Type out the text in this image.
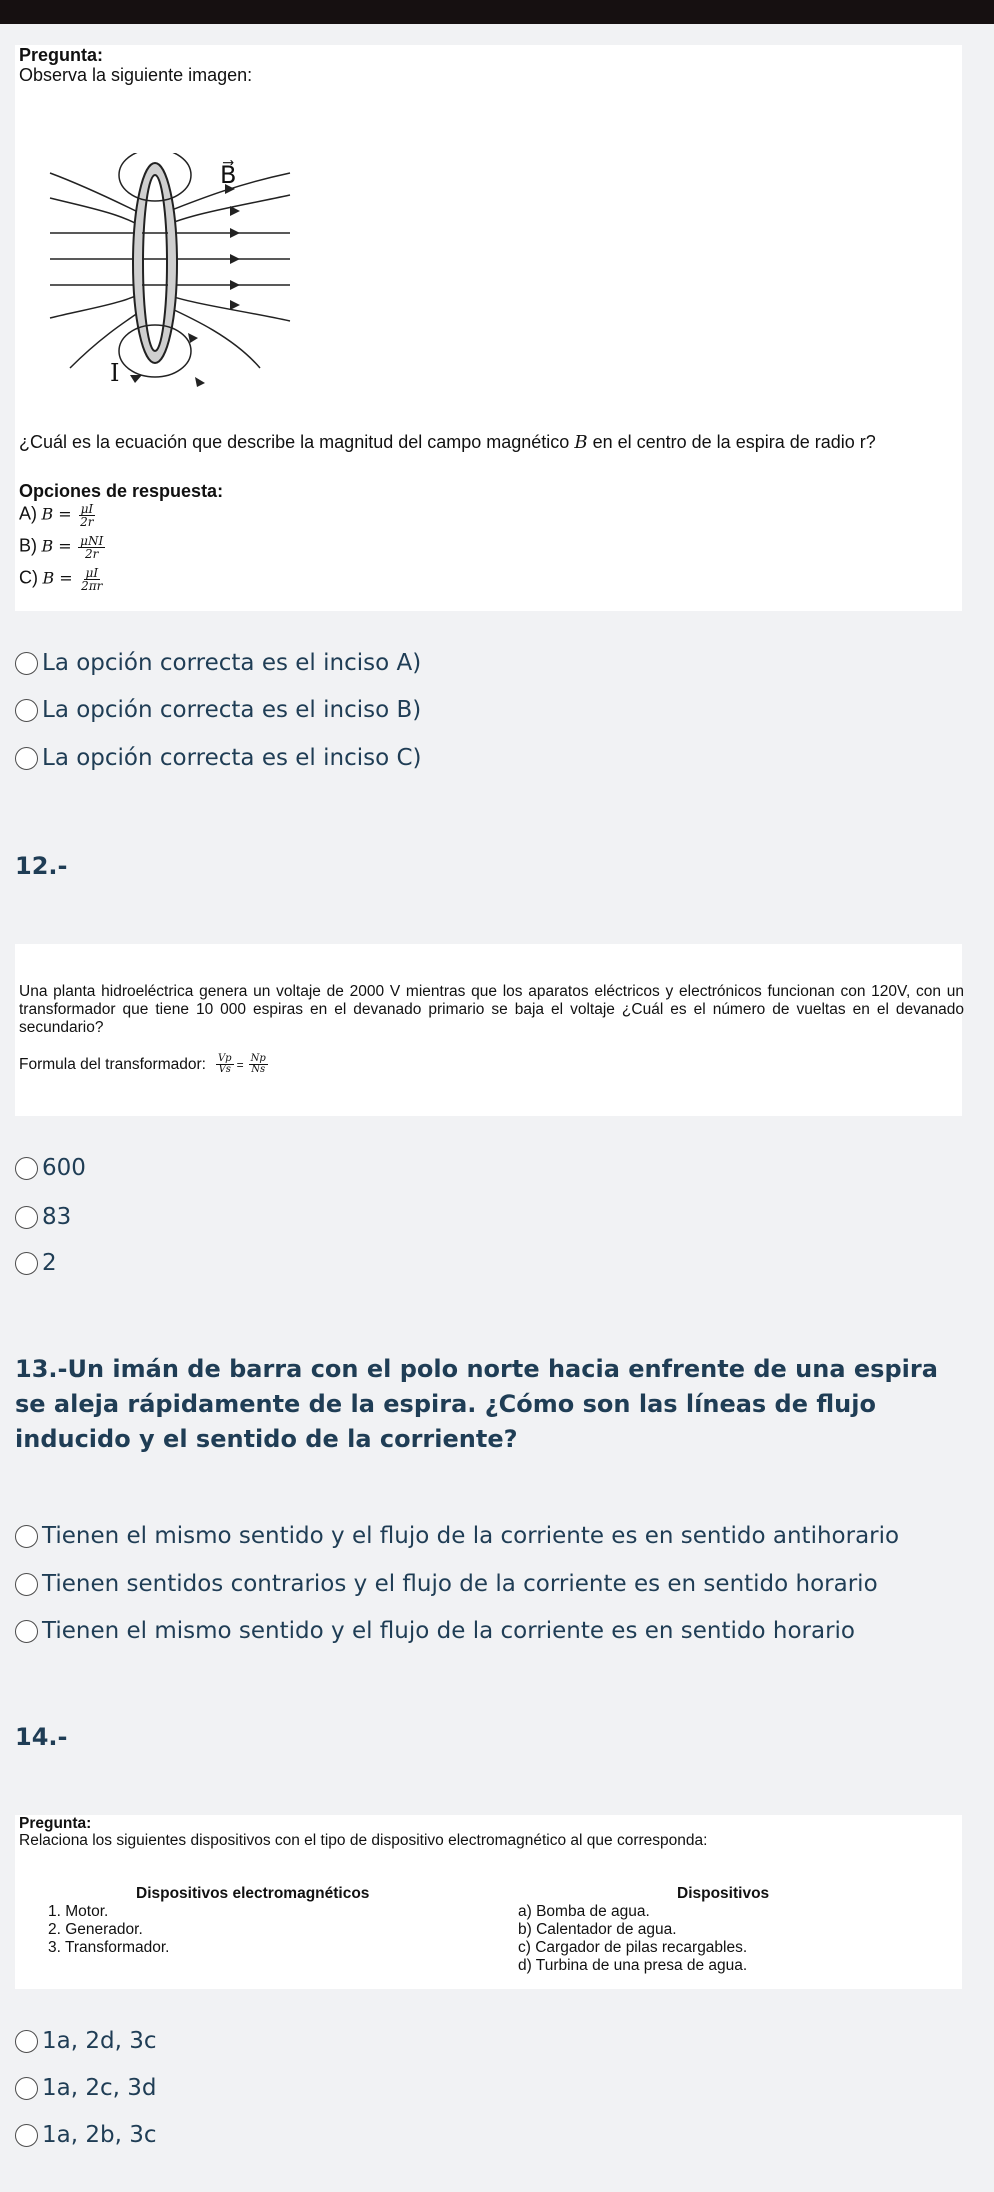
Pregunta:
Observa la siguiente imagen:
B⃗
I
¿Cuál es la ecuación que describe la magnitud del campo magnético B en el centro de la espira de radio r?
Opciones de respuesta:
A) $B = \frac{\mu I}{2r}$
B) $B = \frac{\text{μNI}}{2r}$
C) $B = \frac{\mu I}{2\pi r}$
La opción correcta es el inciso A)
La opción correcta es el inciso B)
La opción correcta es el inciso C)
12.-
Una planta hidroeléctrica genera un voltaje de 2000 V mientras que los aparatos eléctricos y electrónicos funcionan con 120V, con un transformador que tiene 10 000 espiras en el devanado primario se baja el voltaje ¿Cuál es el número de vueltas en el devanado secundario?
Formula del transformador: $\frac{Vp}{Vs} = \frac{Np}{Ns}$
600
83
2
13.-Un imán de barra con el polo norte hacia enfrente de una espira se aleja rápidamente de la espira. ¿Cómo son las líneas de flujo inducido y el sentido de la corriente?
Tienen el mismo sentido y el flujo de la corriente es en sentido antihorario
Tienen sentidos contrarios y el flujo de la corriente es en sentido horario
Tienen el mismo sentido y el flujo de la corriente es en sentido horario
14.-
Pregunta:
Relaciona los siguientes dispositivos con el tipo de dispositivo electromagnético al que corresponda:
Dispositivos electromagnéticos
1. Motor.
2. Generador.
3. Transformador.
Dispositivos
a) Bomba de agua.
b) Calentador de agua.
c) Cargador de pilas recargables.
d) Turbina de una presa de agua.
1a, 2d, 3c
1a, 2c, 3d
1a, 2b, 3c
